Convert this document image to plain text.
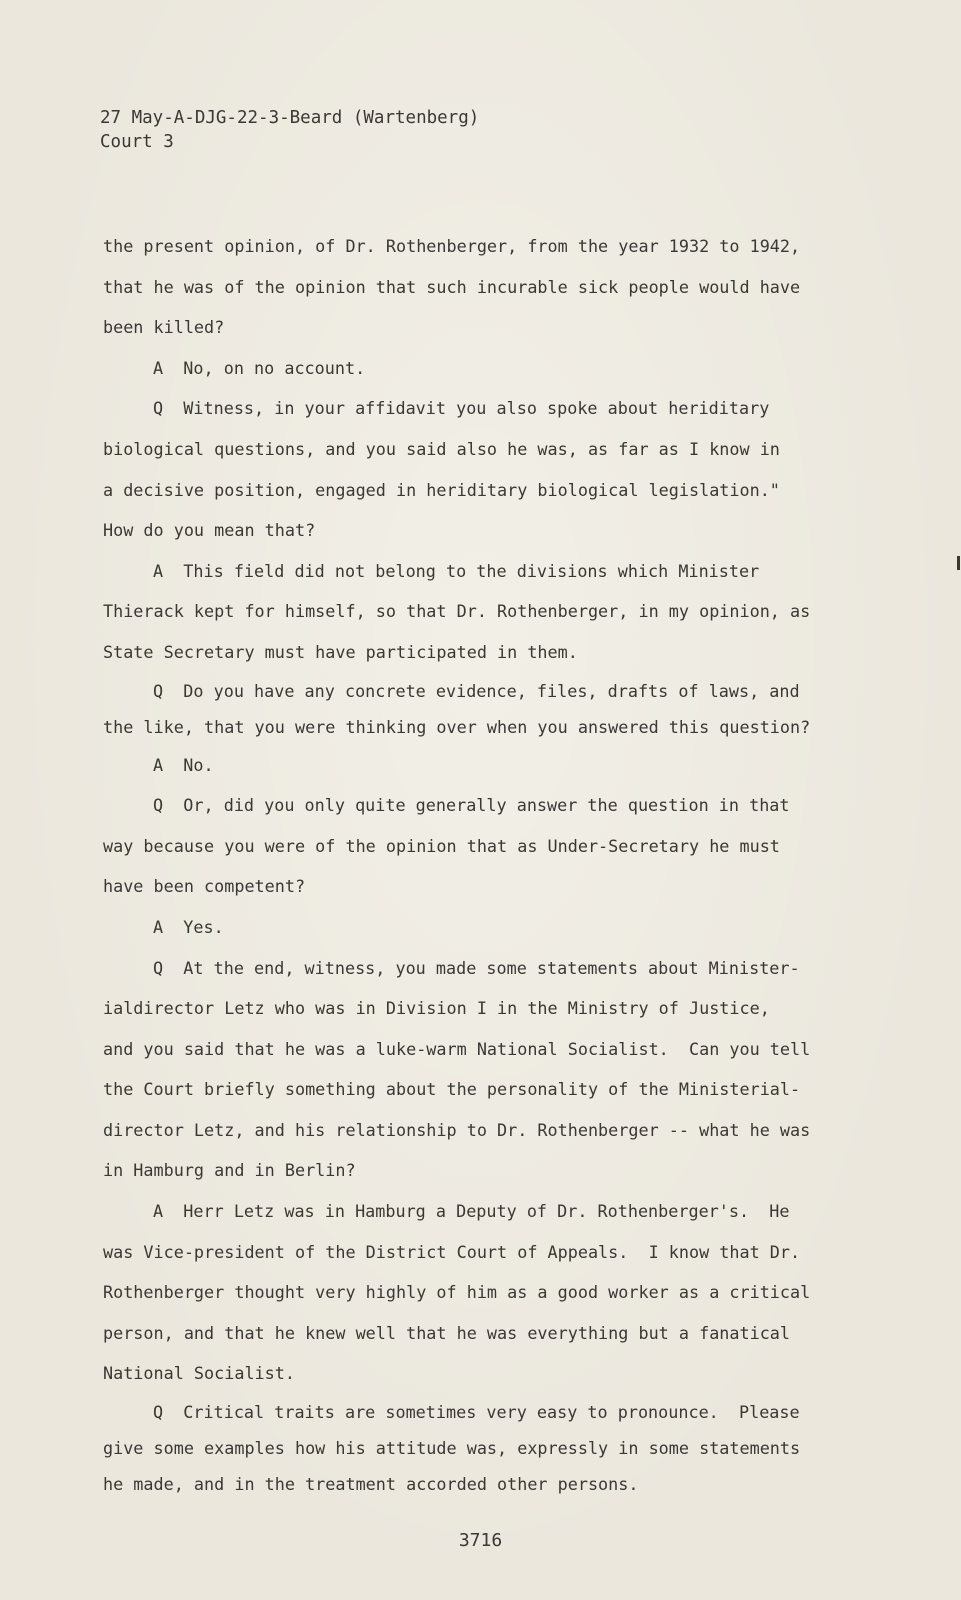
27 May-A-DJG-22-3-Beard (Wartenberg)
Court 3
the present opinion, of Dr. Rothenberger, from the year 1932 to 1942,
that he was of the opinion that such incurable sick people would have
been killed?
A  No, on no account.
Q  Witness, in your affidavit you also spoke about heriditary
biological questions, and you said also he was, as far as I know in
a decisive position, engaged in heriditary biological legislation."
How do you mean that?
A  This field did not belong to the divisions which Minister
Thierack kept for himself, so that Dr. Rothenberger, in my opinion, as
State Secretary must have participated in them.
Q  Do you have any concrete evidence, files, drafts of laws, and
the like, that you were thinking over when you answered this question?
A  No.
Q  Or, did you only quite generally answer the question in that
way because you were of the opinion that as Under-Secretary he must
have been competent?
A  Yes.
Q  At the end, witness, you made some statements about Minister-
ialdirector Letz who was in Division I in the Ministry of Justice,
and you said that he was a luke-warm National Socialist.  Can you tell
the Court briefly something about the personality of the Ministerial-
director Letz, and his relationship to Dr. Rothenberger -- what he was
in Hamburg and in Berlin?
A  Herr Letz was in Hamburg a Deputy of Dr. Rothenberger's.  He
was Vice-president of the District Court of Appeals.  I know that Dr.
Rothenberger thought very highly of him as a good worker as a critical
person, and that he knew well that he was everything but a fanatical
National Socialist.
Q  Critical traits are sometimes very easy to pronounce.  Please
give some examples how his attitude was, expressly in some statements
he made, and in the treatment accorded other persons.
3716
